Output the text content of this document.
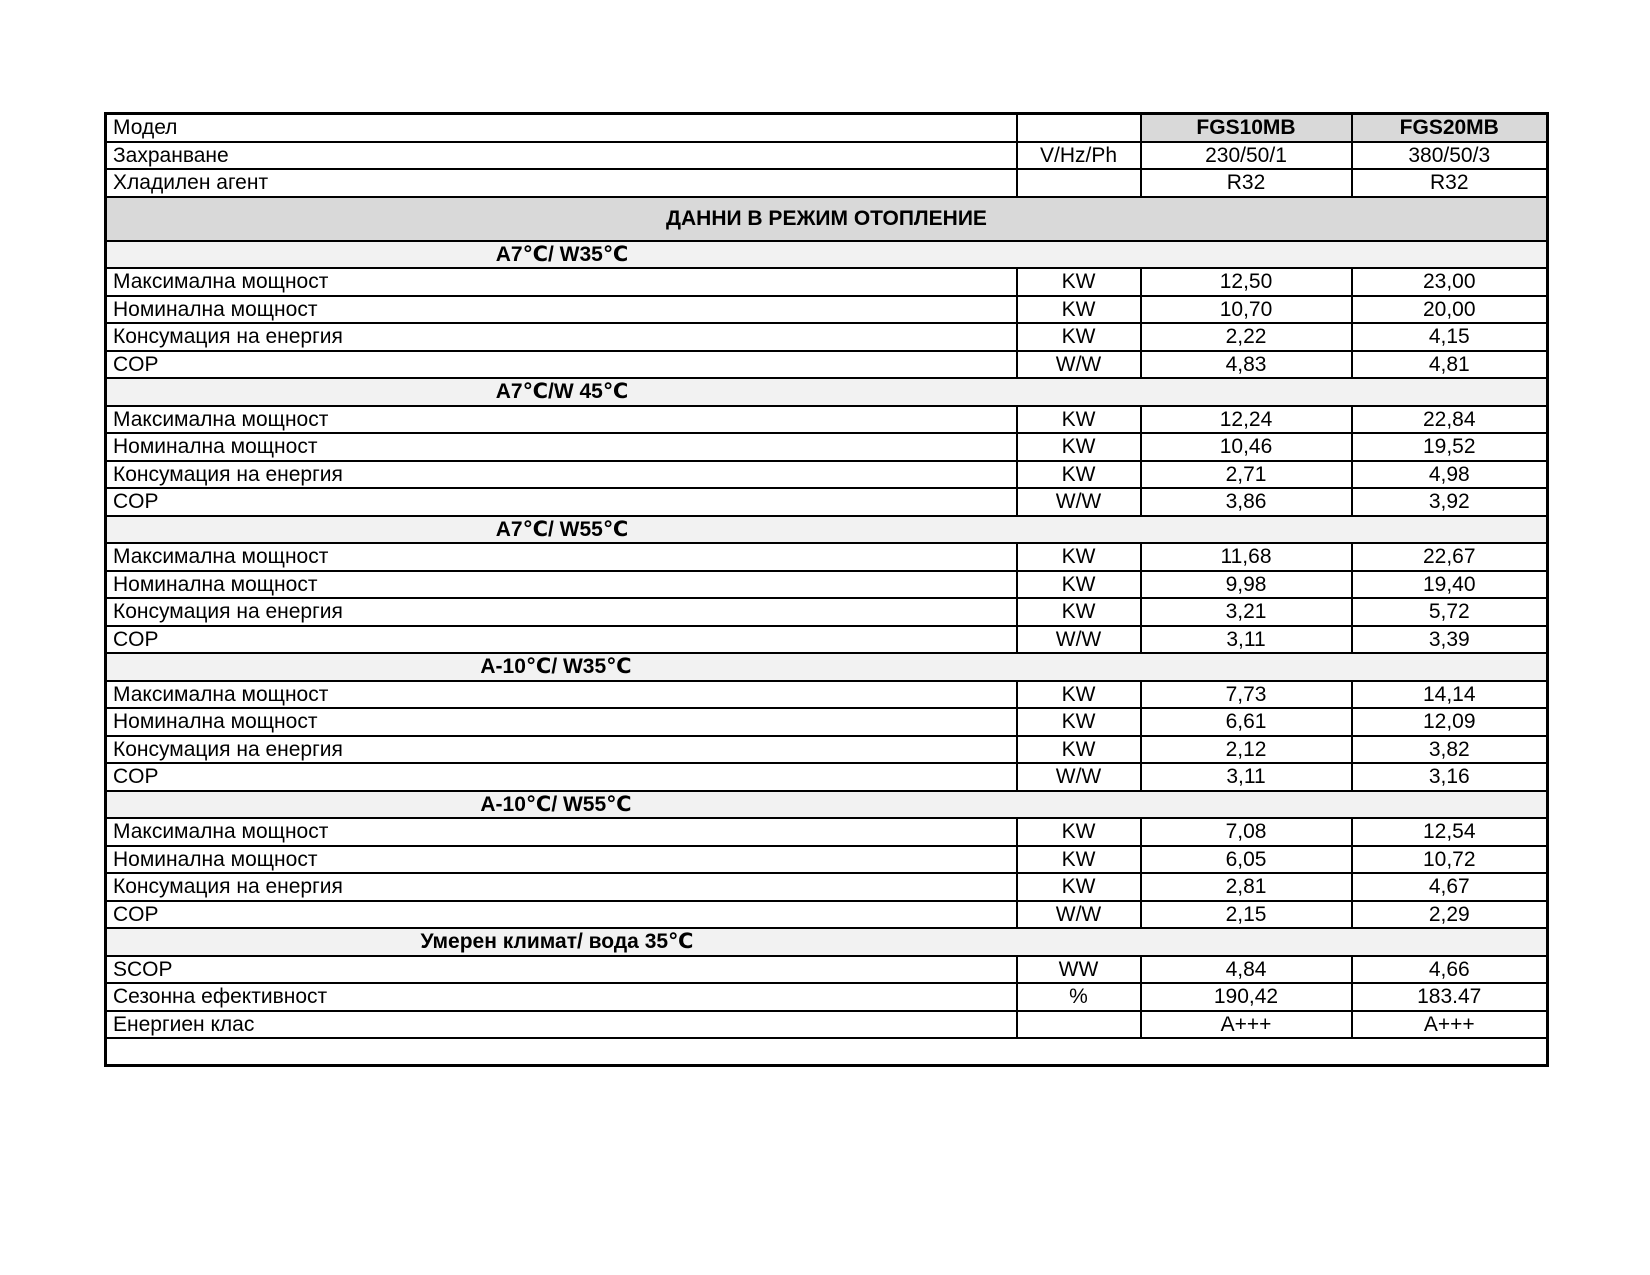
Модел		FGS10MB	FGS20MB
Захранване	V/Hz/Ph	230/50/1	380/50/3
Хладилен агент		R32	R32
ДАННИ В РЕЖИМ ОТОПЛЕНИЕ			
A7℃/ W35℃			
Максимална мощност	KW	12,50	23,00
Номинална мощност	KW	10,70	20,00
Консумация на енергия	KW	2,22	4,15
COP	W/W	4,83	4,81
A7℃/W 45℃			
Максимална мощност	KW	12,24	22,84
Номинална мощност	KW	10,46	19,52
Консумация на енергия	KW	2,71	4,98
COP	W/W	3,86	3,92
A7℃/ W55℃			
Максимална мощност	KW	11,68	22,67
Номинална мощност	KW	9,98	19,40
Консумация на енергия	KW	3,21	5,72
COP	W/W	3,11	3,39
A-10℃/ W35℃			
Максимална мощност	KW	7,73	14,14
Номинална мощност	KW	6,61	12,09
Консумация на енергия	KW	2,12	3,82
COP	W/W	3,11	3,16
A-10℃/ W55℃			
Максимална мощност	KW	7,08	12,54
Номинална мощност	KW	6,05	10,72
Консумация на енергия	KW	2,81	4,67
COP	W/W	2,15	2,29
Умерен климат/ вода 35℃			
SCOP	WW	4,84	4,66
Сезонна ефективност	%	190,42	183.47
Енергиен клас		A+++	A+++
